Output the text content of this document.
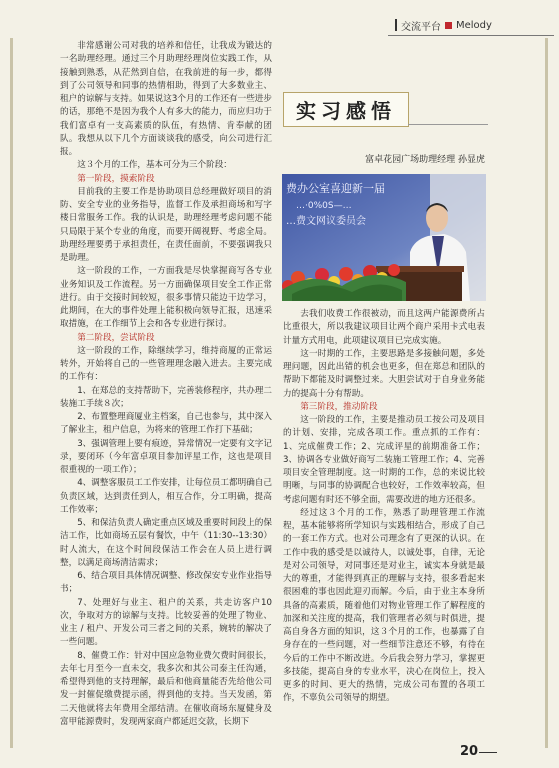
交流平台 Melody

非常感谢公司对我的培养和信任，让我成为锻达的一名助理经理。通过三个月助理经理岗位实践工作，从接触到熟悉，从茫然到自信，在我前进的每一步，都得到了公司领导和同事的热情相助，得到了大多数业主、租户的谅解与支持。如果说这3个月的工作还有一些进步的话，那绝不是因为我个人有多大的能力，而应归功于我们富卓有一支高素质的队伍，有热情、肯奉献的团队。我想从以下几个方面谈谈我的感受，向公司进行汇报。

这３个月的工作，基本可分为三个阶段：

第一阶段，摸索阶段

目前我的主要工作是协助项目总经理做好项目的消防、安全专业的业务指导，监督工作及承担商场和写字楼日常服务工作。我的认识是，助理经理考虑问题不能只局限于某个专业的角度，而要开阔视野、考虑全局。助理经理要勇于承担责任，在责任面前，不要强调我只是助理。

这一阶段的工作，一方面我是尽快掌握商写各专业业务知识及工作流程。另一方面确保项目安全工作正常进行。由于交接时间较短，很多事情只能边干边学习，此期间，在大的事件处理上能积极向领导汇报，迅速采取措施，在工作细节上会和各专业进行探讨。

第二阶段，尝试阶段

这一阶段的工作，除继续学习，维持商厦的正常运转外，开始将自己的一些管理理念融入进去。主要完成的工作有：

1、在郑总的支持帮助下，完善装修程序，共办理二装施工手续８次；

2、布置整理商厦业主档案，自己也参与，其中深入了解业主，租户信息，为将来的管理工作打下基础；

3、强调管理上要有痕迹，异常情况一定要有文字记录，要闭环（今年富卓项目参加评星工作，这也是项目很重视的一项工作）；

4、调整客服员工工作安排，让每位员工都明确自己负责区域，达到责任到人，相互合作，分工明确，提高工作效率；

5、和保洁负责人确定重点区域及重要时间段上的保洁工作，比如商场五层有餐饮，中午（11:30--13:30）时人流大，在这个时间段保洁工作会在人员上进行调整，以满足商场清洁需求；

6、结合项目具体情况调整、修改保安专业作业指导书；

7、处理好与业主、租户的关系，共走访客户10次，争取对方的谅解与支持。比较妥善的处理了物业、业主 / 租户、开发公司三者之间的关系，婉转的解决了一些问题。

8、催费工作：针对中国应急物业费欠费时间很长，去年七月至今一直未交，我多次和其公司泰主任沟通，希望得到他的支持理解，最后和他商量能否先给他公司发一封催促缴费提示函，得到他的支持。当天发函，第二天他就将去年费用全部结清。在催收商场东厦健身及富甲能源费时，发现两家商户都延迟交款，长期下

实习感悟
富卓花园广场助理经理 孙显虎
费办公室喜迎新一届
…·0%0S—…
…费文网议委员会

去我们收费工作很被动，而且这两户能源费所占比重很大，所以我建议项目让两个商户采用卡式电表计量方式用电，此项建议项目已完成实施。

这一时期的工作，主要思路是多接触问题，多处理问题，因此出错的机会也更多，但在郑总和团队的帮助下都能及时调整过来。大胆尝试对于自身业务能力的提高十分有帮助。

第三阶段，推动阶段

这一阶段的工作，主要是推动员工按公司及项目的计划、安排，完成各项工作。重点抓的工作有：1、完成催费工作；2、完成评星的前期准备工作；3、协调各专业做好商写二装施工管理工作；4、完善项目安全管理制度。这一时期的工作，总的来说比较明晰，与同事的协调配合也较好，工作效率较高，但考虑问题有时还不够全面，需要改进的地方还很多。

经过这３个月的工作，熟悉了助理管理工作流程，基本能够将所学知识与实践相结合，形成了自己的一套工作方式。也对公司理念有了更深的认识。在工作中我的感受是以诚待人，以诚处事，自律，无论是对公司领导，对同事还是对业主，诚实本身就是最大的尊重，才能得到真正的理解与支持，很多看起来很困难的事也因此迎刃而解。今后，由于业主本身所具备的高素质，随着他们对物业管理工作了解程度的加深和关注度的提高，我们管理者必须与时俱进，提高自身各方面的知识，这３个月的工作，也暴露了自身存在的一些问题，对一些细节注意还不够，有待在今后的工作中不断改进。今后我会努力学习，掌握更多技能，提高自身的专业水平，决心在岗位上，投入更多的时间、更大的热情，完成公司布置的各项工作，不辜负公司领导的期望。

20
